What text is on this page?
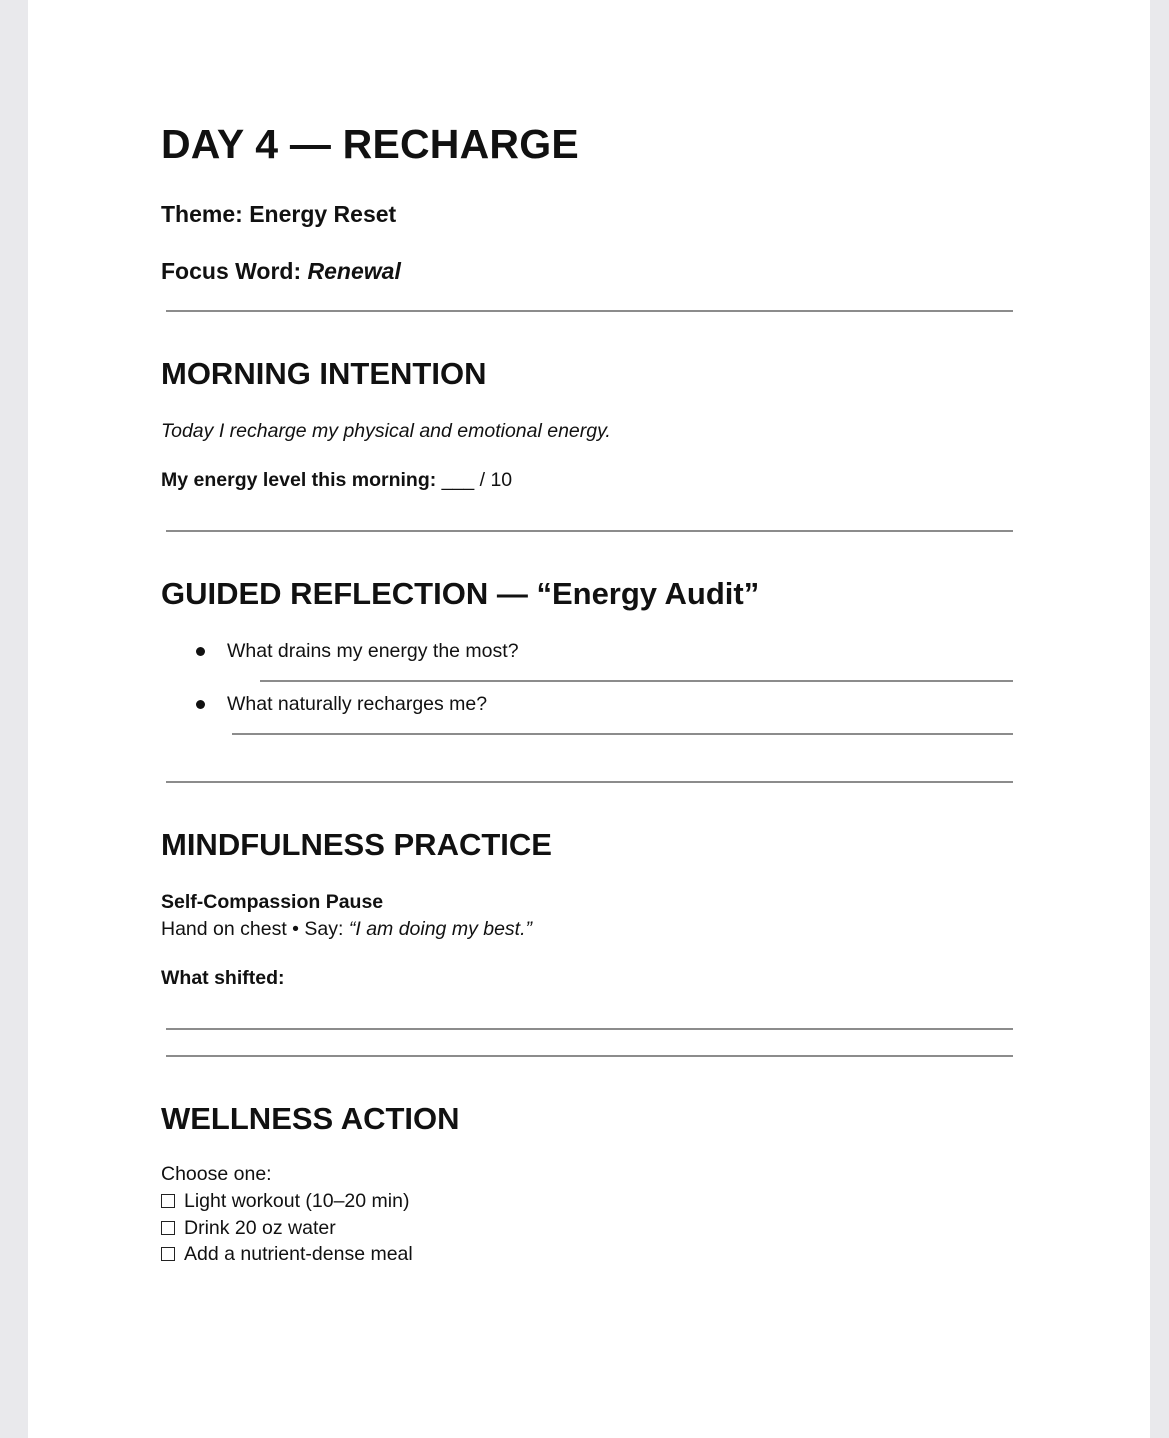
DAY 4 — RECHARGE

Theme: Energy Reset

Focus Word: Renewal

MORNING INTENTION

Today I recharge my physical and emotional energy.

My energy level this morning: ___ / 10

GUIDED REFLECTION — “Energy Audit”

What drains my energy the most?

What naturally recharges me?

MINDFULNESS PRACTICE

Self-Compassion Pause

Hand on chest • Say: “I am doing my best.”

What shifted:

WELLNESS ACTION

Choose one:

Light workout (10–20 min)

Drink 20 oz water

Add a nutrient-dense meal
